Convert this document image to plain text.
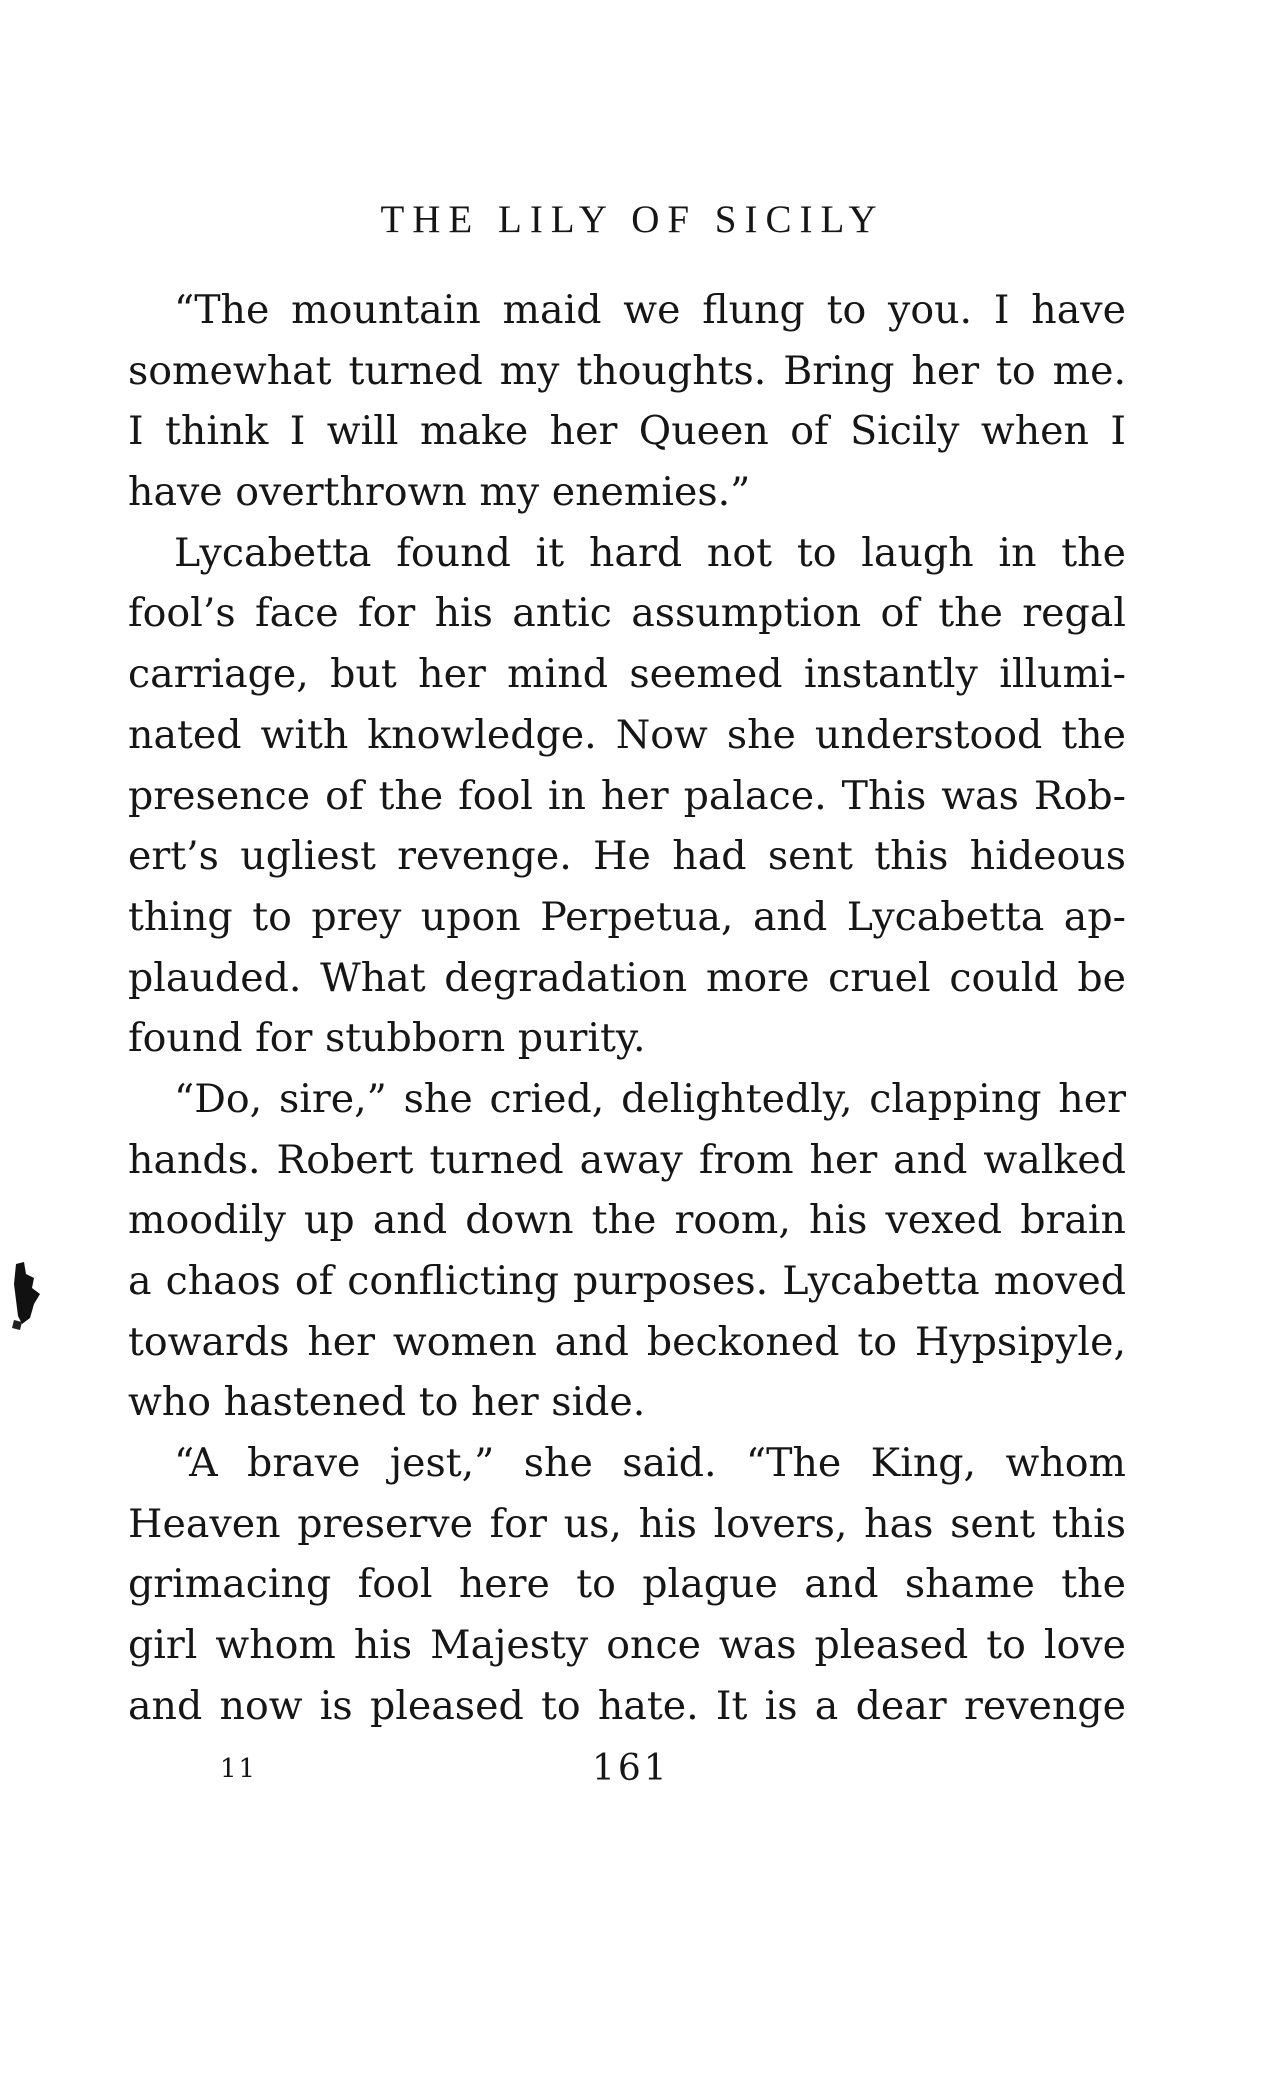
THE LILY OF SICILY
“The mountain maid we flung to you. I have
somewhat turned my thoughts. Bring her to me.
I think I will make her Queen of Sicily when I
have overthrown my enemies.”
Lycabetta found it hard not to laugh in the
fool’s face for his antic assumption of the regal
carriage, but her mind seemed instantly illumi-
nated with knowledge. Now she understood the
presence of the fool in her palace. This was Rob-
ert’s ugliest revenge. He had sent this hideous
thing to prey upon Perpetua, and Lycabetta ap-
plauded. What degradation more cruel could be
found for stubborn purity.
“Do, sire,” she cried, delightedly, clapping her
hands. Robert turned away from her and walked
moodily up and down the room, his vexed brain
a chaos of conflicting purposes. Lycabetta moved
towards her women and beckoned to Hypsipyle,
who hastened to her side.
“A brave jest,” she said. “The King, whom
Heaven preserve for us, his lovers, has sent this
grimacing fool here to plague and shame the
girl whom his Majesty once was pleased to love
and now is pleased to hate. It is a dear revenge
11	161
